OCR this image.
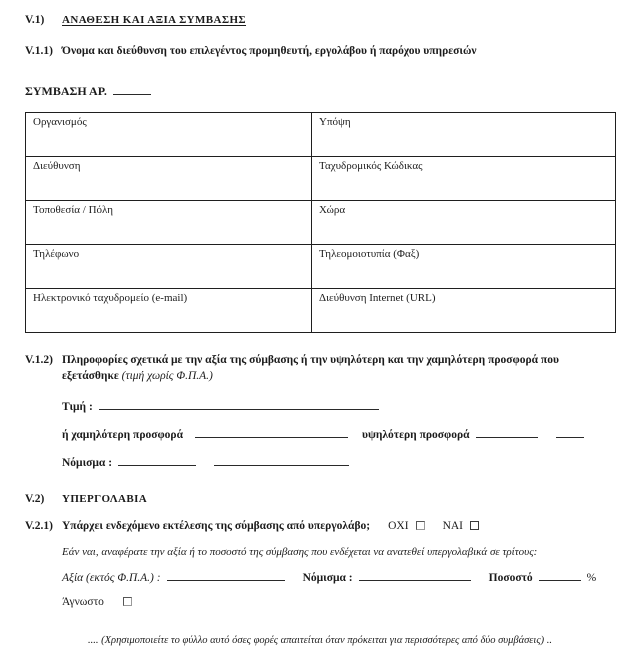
V.1)	ΑΝΑΘΕΣΗ ΚΑΙ ΑΞΙΑ ΣΥΜΒΑΣΗΣ
V.1.1) Όνομα και διεύθυνση του επιλεγέντος προμηθευτή, εργολάβου ή παρόχου υπηρεσιών
ΣΥΜΒΑΣΗ ΑΡ.
Οργανισμός	Υπόψη
Διεύθυνση	Ταχυδρομικός Κώδικας
Τοποθεσία / Πόλη	Χώρα
Τηλέφωνο	Τηλεομοιοτυπία (Φαξ)
Ηλεκτρονικό ταχυδρομείο (e-mail)	Διεύθυνση Internet (URL)
V.1.2) Πληροφορίες σχετικά με την αξία της σύμβασης ή την υψηλότερη και την χαμηλότερη προσφορά που εξετάσθηκε (τιμή χωρίς Φ.Π.Α.)
Τιμή :
ή χαμηλότερη προσφορά	υψηλότερη προσφορά
Νόμισμα :
V.2)	ΥΠΕΡΓΟΛΑΒΙΑ
V.2.1) Υπάρχει ενδεχόμενο εκτέλεσης της σύμβασης από υπεργολάβο; ΟΧΙ	ΝΑΙ
Εάν ναι, αναφέρατε την αξία ή το ποσοστό της σύμβασης που ενδέχεται να ανατεθεί υπεργολαβικά σε τρίτους:
Αξία (εκτός Φ.Π.Α.) :	Νόμισμα :	Ποσοστό	%
Άγνωστο
.... (Χρησιμοποιείτε το φύλλο αυτό όσες φορές απαιτείται όταν πρόκειται για περισσότερες από δύο συμβάσεις) ..
